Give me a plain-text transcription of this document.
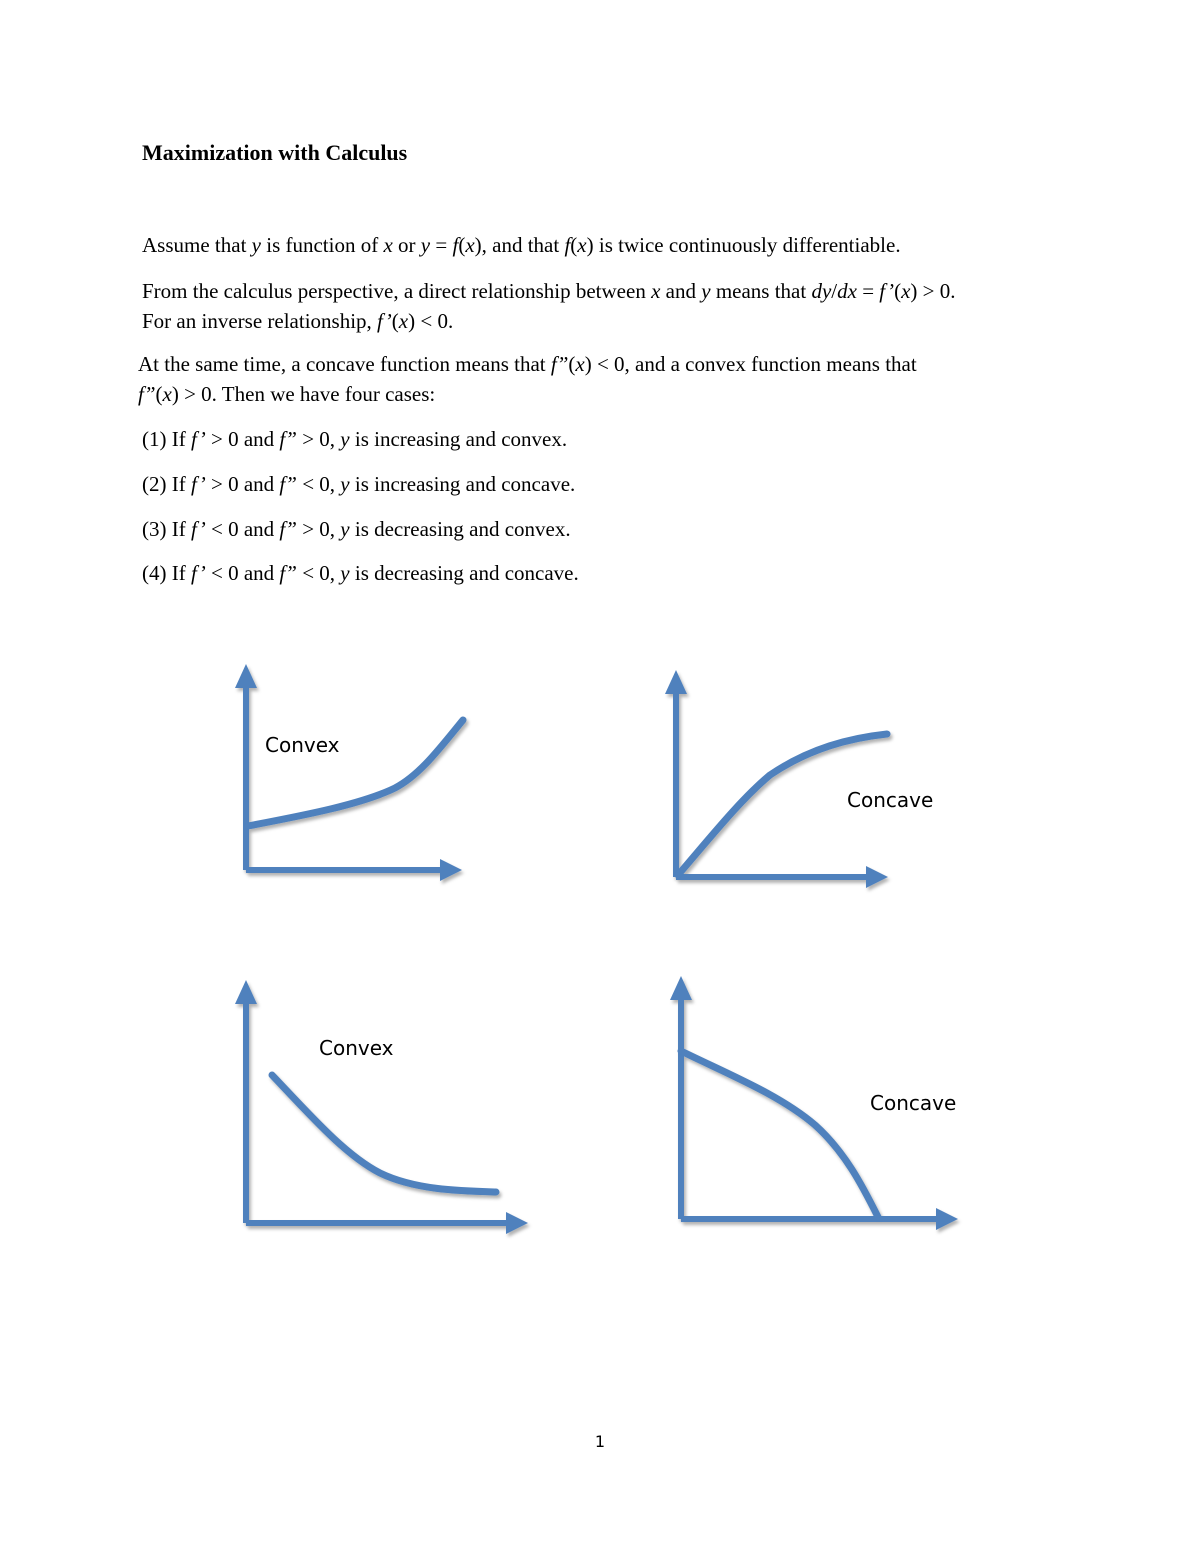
Maximization with Calculus
Assume that y is function of x or y = f(x), and that f(x) is twice continuously differentiable.
From the calculus perspective, a direct relationship between x and y means that dy/dx = f’(x) > 0.
For an inverse relationship, f’(x) < 0.
At the same time, a concave function means that f”(x) < 0, and a convex function means that
f”(x) > 0. Then we have four cases:
(1) If f’ > 0 and f” > 0, y is increasing and convex.
(2) If f’ > 0 and f” < 0, y is increasing and concave.
(3) If f’ < 0 and f” > 0, y is decreasing and convex.
(4) If f’ < 0 and f” < 0, y is decreasing and concave.
Convex
Concave
Convex
Concave
1
